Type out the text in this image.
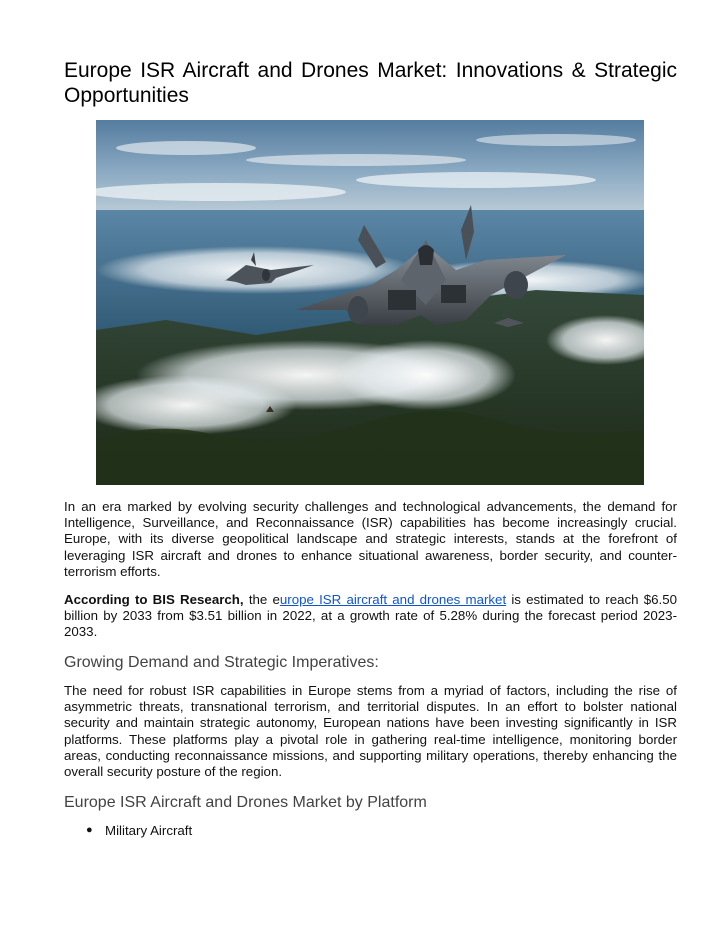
Europe ISR Aircraft and Drones Market: Innovations & Strategic Opportunities

In an era marked by evolving security challenges and technological advancements, the demand for Intelligence, Surveillance, and Reconnaissance (ISR) capabilities has become increasingly crucial. Europe, with its diverse geopolitical landscape and strategic interests, stands at the forefront of leveraging ISR aircraft and drones to enhance situational awareness, border security, and counter-terrorism efforts.

According to BIS Research, the europe ISR aircraft and drones market is estimated to reach $6.50 billion by 2033 from $3.51 billion in 2022, at a growth rate of 5.28% during the forecast period 2023-2033.

Growing Demand and Strategic Imperatives:

The need for robust ISR capabilities in Europe stems from a myriad of factors, including the rise of asymmetric threats, transnational terrorism, and territorial disputes. In an effort to bolster national security and maintain strategic autonomy, European nations have been investing significantly in ISR platforms. These platforms play a pivotal role in gathering real-time intelligence, monitoring border areas, conducting reconnaissance missions, and supporting military operations, thereby enhancing the overall security posture of the region.

Europe ISR Aircraft and Drones Market by Platform
● Military Aircraft
